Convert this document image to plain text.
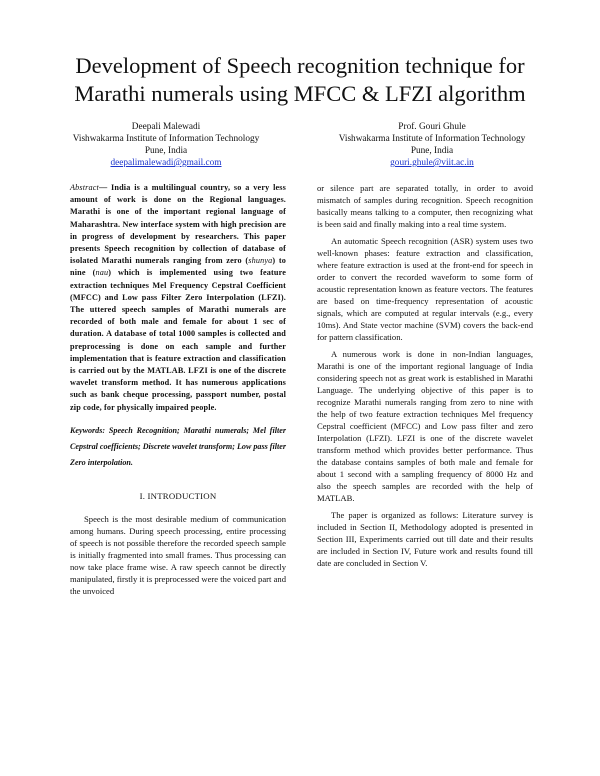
Development of Speech recognition technique for
Marathi numerals using MFCC & LFZI algorithm
Deepali Malewadi
Vishwakarma Institute of Information Technology
Pune, India
deepalimalewadi@gmail.com
Prof. Gouri Ghule
Vishwakarma Institute of Information Technology
Pune, India
gouri.ghule@viit.ac.in

Abstract— India is a multilingual country, so a very less amount of work is done on the Regional languages. Marathi is one of the important regional language of Maharashtra. New interface system with high precision are in progress of development by researchers. This paper presents Speech recognition by collection of database of isolated Marathi numerals ranging from zero (shunya) to nine (nau) which is implemented using two feature extraction techniques Mel Frequency Cepstral Coefficient (MFCC) and Low pass Filter Zero Interpolation (LFZI). The uttered speech samples of Marathi numerals are recorded of both male and female for about 1 sec of duration. A database of total 1000 samples is collected and preprocessing is done on each sample and further implementation that is feature extraction and classification is carried out by the MATLAB. LFZI is one of the discrete wavelet transform method. It has numerous applications such as bank cheque processing, passport number, postal zip code, for physically impaired people.

Keywords: Speech Recognition; Marathi numerals; Mel filter Cepstral coefficients; Discrete wavelet transform; Low pass filter Zero interpolation.

I. INTRODUCTION

Speech is the most desirable medium of communication among humans. During speech processing, entire processing of speech is not possible therefore the recorded speech sample is initially fragmented into small frames. Thus processing can now take place frame wise. A raw speech cannot be directly manipulated, firstly it is preprocessed were the voiced part and the unvoiced

or silence part are separated totally, in order to avoid mismatch of samples during recognition. Speech recognition basically means talking to a computer, then recognizing what is been said and finally making into a real time system.

An automatic Speech recognition (ASR) system uses two well-known phases: feature extraction and classification, where feature extraction is used at the front-end for speech in order to convert the recorded waveform to some form of acoustic representation known as feature vectors. The features are based on time-frequency representation of acoustic signals, which are computed at regular intervals (e.g., every 10ms). And State vector machine (SVM) covers the back-end for pattern classification.

A numerous work is done in non-Indian languages, Marathi is one of the important regional language of India considering speech not as great work is established in Marathi Language. The underlying objective of this paper is to recognize Marathi numerals ranging from zero to nine with the help of two feature extraction techniques Mel frequency Cepstral coefficient (MFCC) and Low pass filter and zero Interpolation (LFZI). LFZI is one of the discrete wavelet transform method which provides better performance. Thus the database contains samples of both male and female for about 1 second with a sampling frequency of 8000 Hz and also the speech samples are recorded with the help of MATLAB.

The paper is organized as follows: Literature survey is included in Section II, Methodology adopted is presented in Section III, Experiments carried out till date and their results are included in Section IV, Future work and results found till date are concluded in Section V.
